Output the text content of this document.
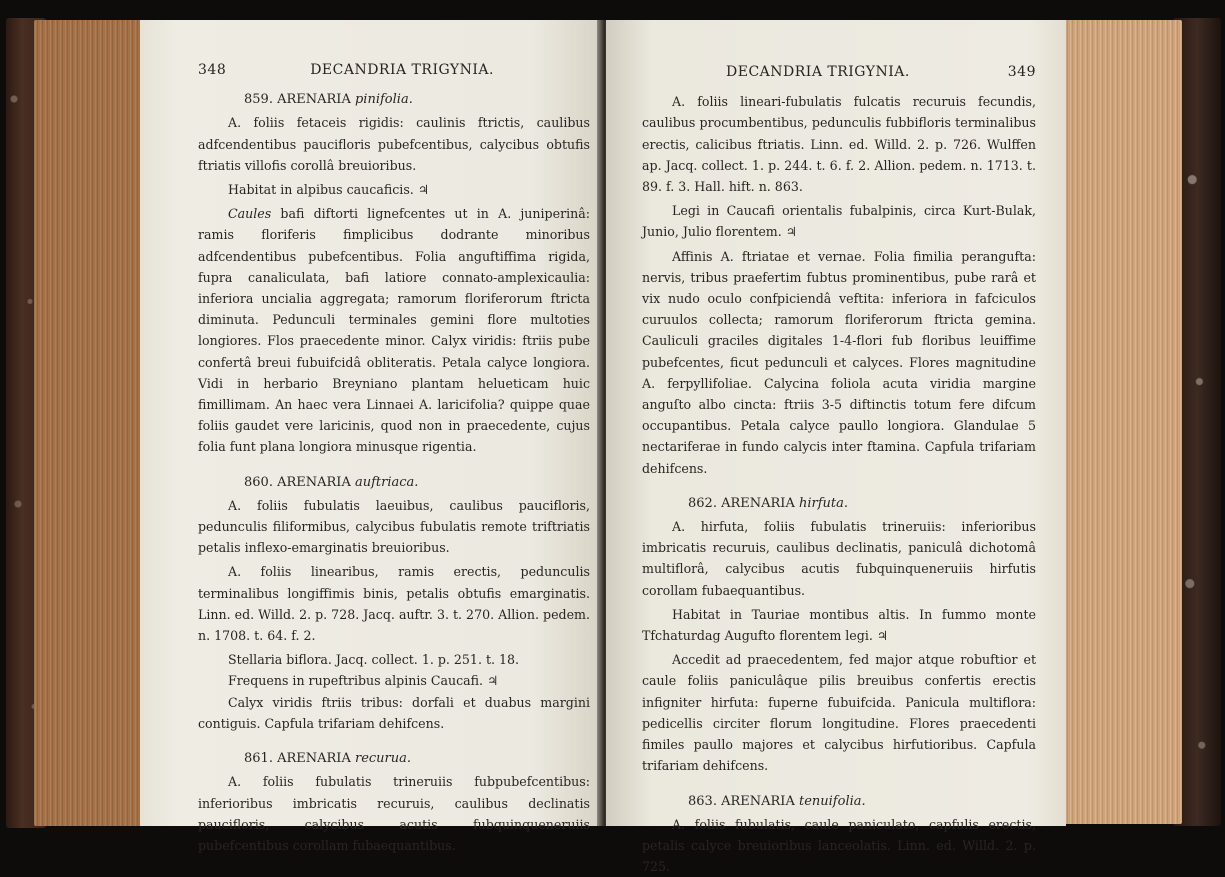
348	DECANDRIA TRIGYNIA.

859. ARENARIA pinifolia.

A. foliis fetaceis rigidis: caulinis ftrictis, caulibus adfcendentibus paucifloris pubefcentibus, calycibus obtufis ftriatis villofis corollâ breuioribus.

Habitat in alpibus caucaficis. ♃

Caules bafi diftorti lignefcentes ut in A. juniperinâ: ramis floriferis fimplicibus dodrante minoribus adfcendentibus pubefcentibus. Folia anguftiffima rigida, fupra canaliculata, bafi latiore connato-amplexicaulia: inferiora uncialia aggregata; ramorum floriferorum ftricta diminuta. Pedunculi terminales gemini flore multoties longiores. Flos praecedente minor. Calyx viridis: ftriis pube confertâ breui fubuifcidâ obliteratis. Petala calyce longiora. Vidi in herbario Breyniano plantam helueticam huic fimillimam. An haec vera Linnaei A. laricifolia? quippe quae foliis gaudet vere laricinis, quod non in praecedente, cujus folia funt plana longiora minusque rigentia.

860. ARENARIA auftriaca.

A. foliis fubulatis laeuibus, caulibus paucifloris, pedunculis filiformibus, calycibus fubulatis remote triftriatis petalis inflexo-emarginatis breuioribus.

A. foliis linearibus, ramis erectis, pedunculis terminalibus longiffimis binis, petalis obtufis emarginatis. Linn. ed. Willd. 2. p. 728. Jacq. auftr. 3. t. 270. Allion. pedem. n. 1708. t. 64. f. 2.

Stellaria biflora. Jacq. collect. 1. p. 251. t. 18.

Frequens in rupeftribus alpinis Caucafi. ♃

Calyx viridis ftriis tribus: dorfali et duabus margini contiguis. Capfula trifariam dehifcens.

861. ARENARIA recurua.

A. foliis fubulatis trineruiis fubpubefcentibus: inferioribus imbricatis recuruis, caulibus declinatis paucifloris, calycibus acutis fubquinqueneruiis pubefcentibus corollam fubaequantibus.

DECANDRIA TRIGYNIA.	349

A. foliis lineari-fubulatis fulcatis recuruis fecundis, caulibus procumbentibus, pedunculis fubbifloris terminalibus erectis, calicibus ftriatis. Linn. ed. Willd. 2. p. 726. Wulffen ap. Jacq. collect. 1. p. 244. t. 6. f. 2. Allion. pedem. n. 1713. t. 89. f. 3. Hall. hift. n. 863.

Legi in Caucafi orientalis fubalpinis, circa Kurt-Bulak, Junio, Julio florentem. ♃

Affinis A. ftriatae et vernae. Folia fimilia perangufta: nervis, tribus praefertim fubtus prominentibus, pube rarâ et vix nudo oculo confpiciendâ veftita: inferiora in fafciculos curuulos collecta; ramorum floriferorum ftricta gemina. Cauliculi graciles digitales 1-4-flori fub floribus leuiffime pubefcentes, ficut pedunculi et calyces. Flores magnitudine A. ferpyllifoliae. Calycina foliola acuta viridia margine anguſto albo cincta: ftriis 3-5 diftinctis totum fere difcum occupantibus. Petala calyce paullo longiora. Glandulae 5 nectariferae in fundo calycis inter ftamina. Capfula trifariam dehifcens.

862. ARENARIA hirfuta.

A. hirfuta, foliis fubulatis trineruiis: inferioribus imbricatis recuruis, caulibus declinatis, paniculâ dichotomâ multiflorâ, calycibus acutis fubquinqueneruiis hirfutis corollam fubaequantibus.

Habitat in Tauriae montibus altis. In fummo monte Tfchaturdag Augufto florentem legi. ♃

Accedit ad praecedentem, fed major atque robuftior et caule foliis paniculâque pilis breuibus confertis erectis infigniter hirfuta: fuperne fubuifcida. Panicula multiflora: pedicellis circiter florum longitudine. Flores praecedenti fimiles paullo majores et calycibus hirfutioribus. Capfula trifariam dehifcens.

863. ARENARIA tenuifolia.

A. foliis fubulatis, caule paniculato, capfulis erectis, petalis calyce breuioribus lanceolatis. Linn. ed. Willd. 2. p. 725.
